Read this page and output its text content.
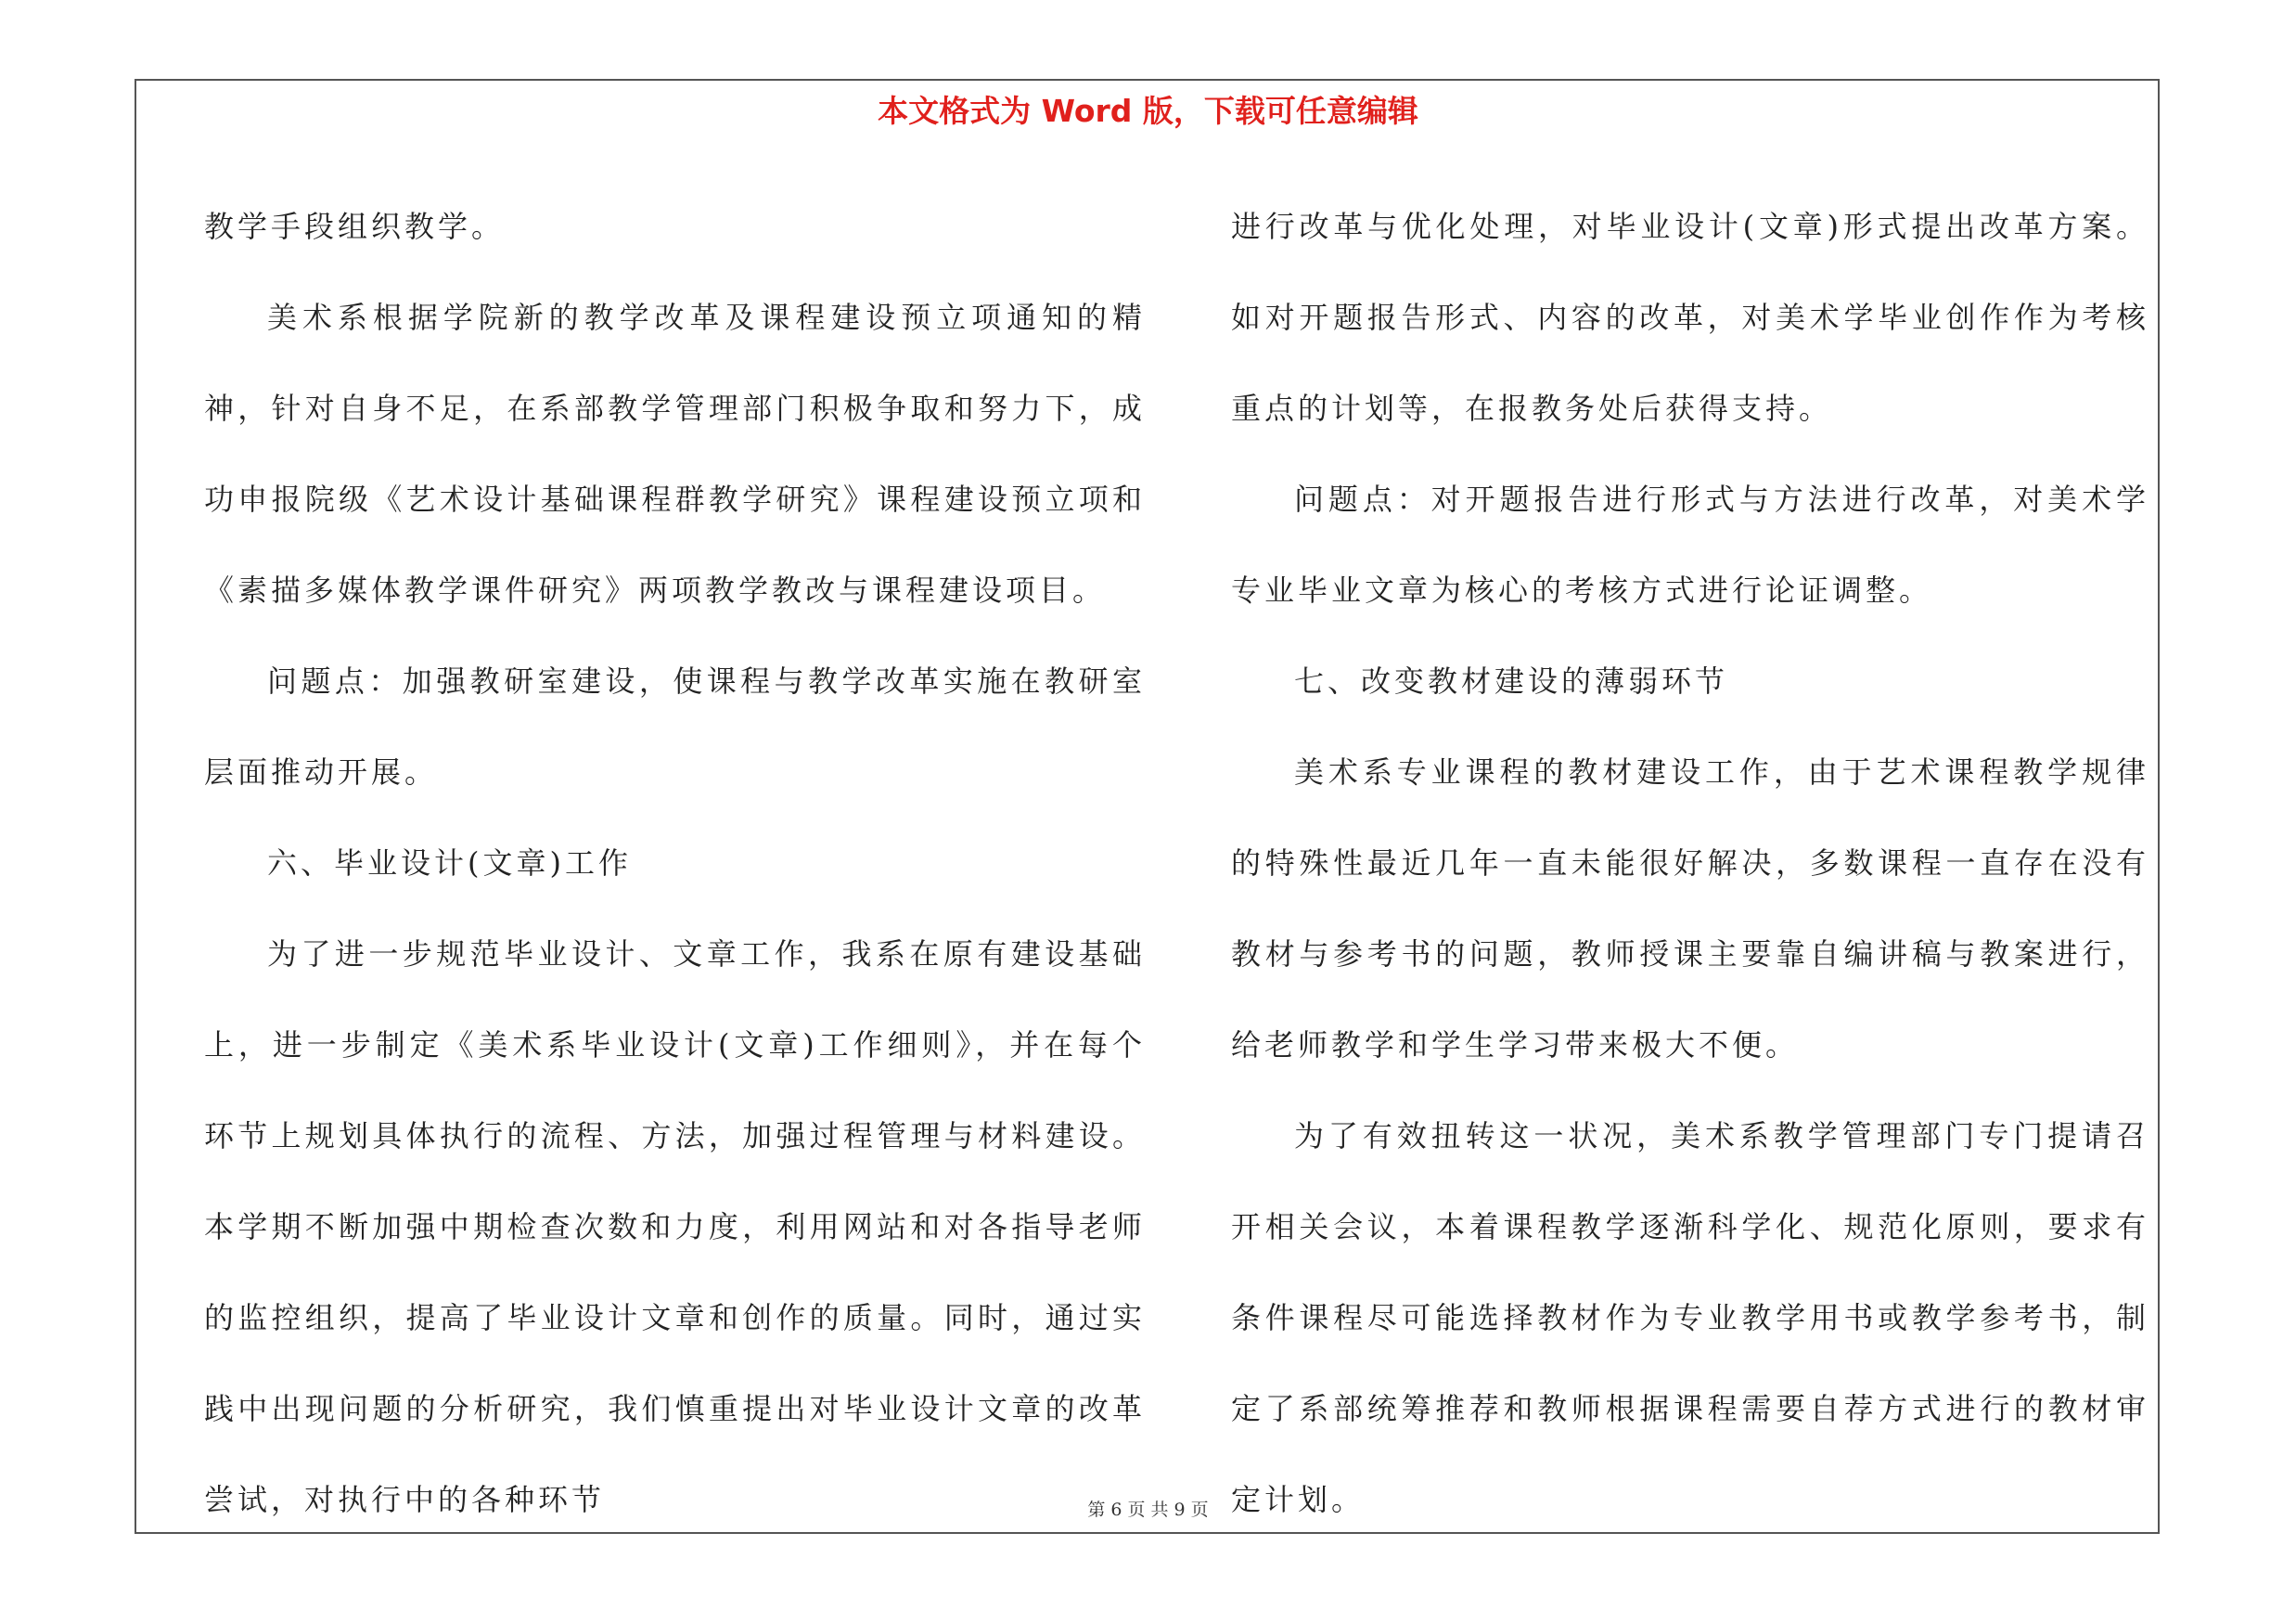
本文格式为 Word 版，下载可任意编辑

教学手段组织教学。

美术系根据学院新的教学改革及课程建设预立项通知的精神，针对自身不足，在系部教学管理部门积极争取和努力下，成功申报院级《艺术设计基础课程群教学研究》课程建设预立项和《素描多媒体教学课件研究》两项教学教改与课程建设项目。

问题点：加强教研室建设，使课程与教学改革实施在教研室层面推动开展。

六、毕业设计(文章)工作

为了进一步规范毕业设计、文章工作，我系在原有建设基础上，进一步制定《美术系毕业设计(文章)工作细则》，并在每个环节上规划具体执行的流程、方法，加强过程管理与材料建设。本学期不断加强中期检查次数和力度，利用网站和对各指导老师的监控组织，提高了毕业设计文章和创作的质量。同时，通过实践中出现问题的分析研究，我们慎重提出对毕业设计文章的改革尝试，对执行中的各种环节

进行改革与优化处理，对毕业设计(文章)形式提出改革方案。如对开题报告形式、内容的改革，对美术学毕业创作作为考核重点的计划等，在报教务处后获得支持。

问题点：对开题报告进行形式与方法进行改革，对美术学专业毕业文章为核心的考核方式进行论证调整。

七、改变教材建设的薄弱环节

美术系专业课程的教材建设工作，由于艺术课程教学规律的特殊性最近几年一直未能很好解决，多数课程一直存在没有教材与参考书的问题，教师授课主要靠自编讲稿与教案进行，给老师教学和学生学习带来极大不便。

为了有效扭转这一状况，美术系教学管理部门专门提请召开相关会议，本着课程教学逐渐科学化、规范化原则，要求有条件课程尽可能选择教材作为专业教学用书或教学参考书，制定了系部统筹推荐和教师根据课程需要自荐方式进行的教材审定计划。

第 6 页 共 9 页
